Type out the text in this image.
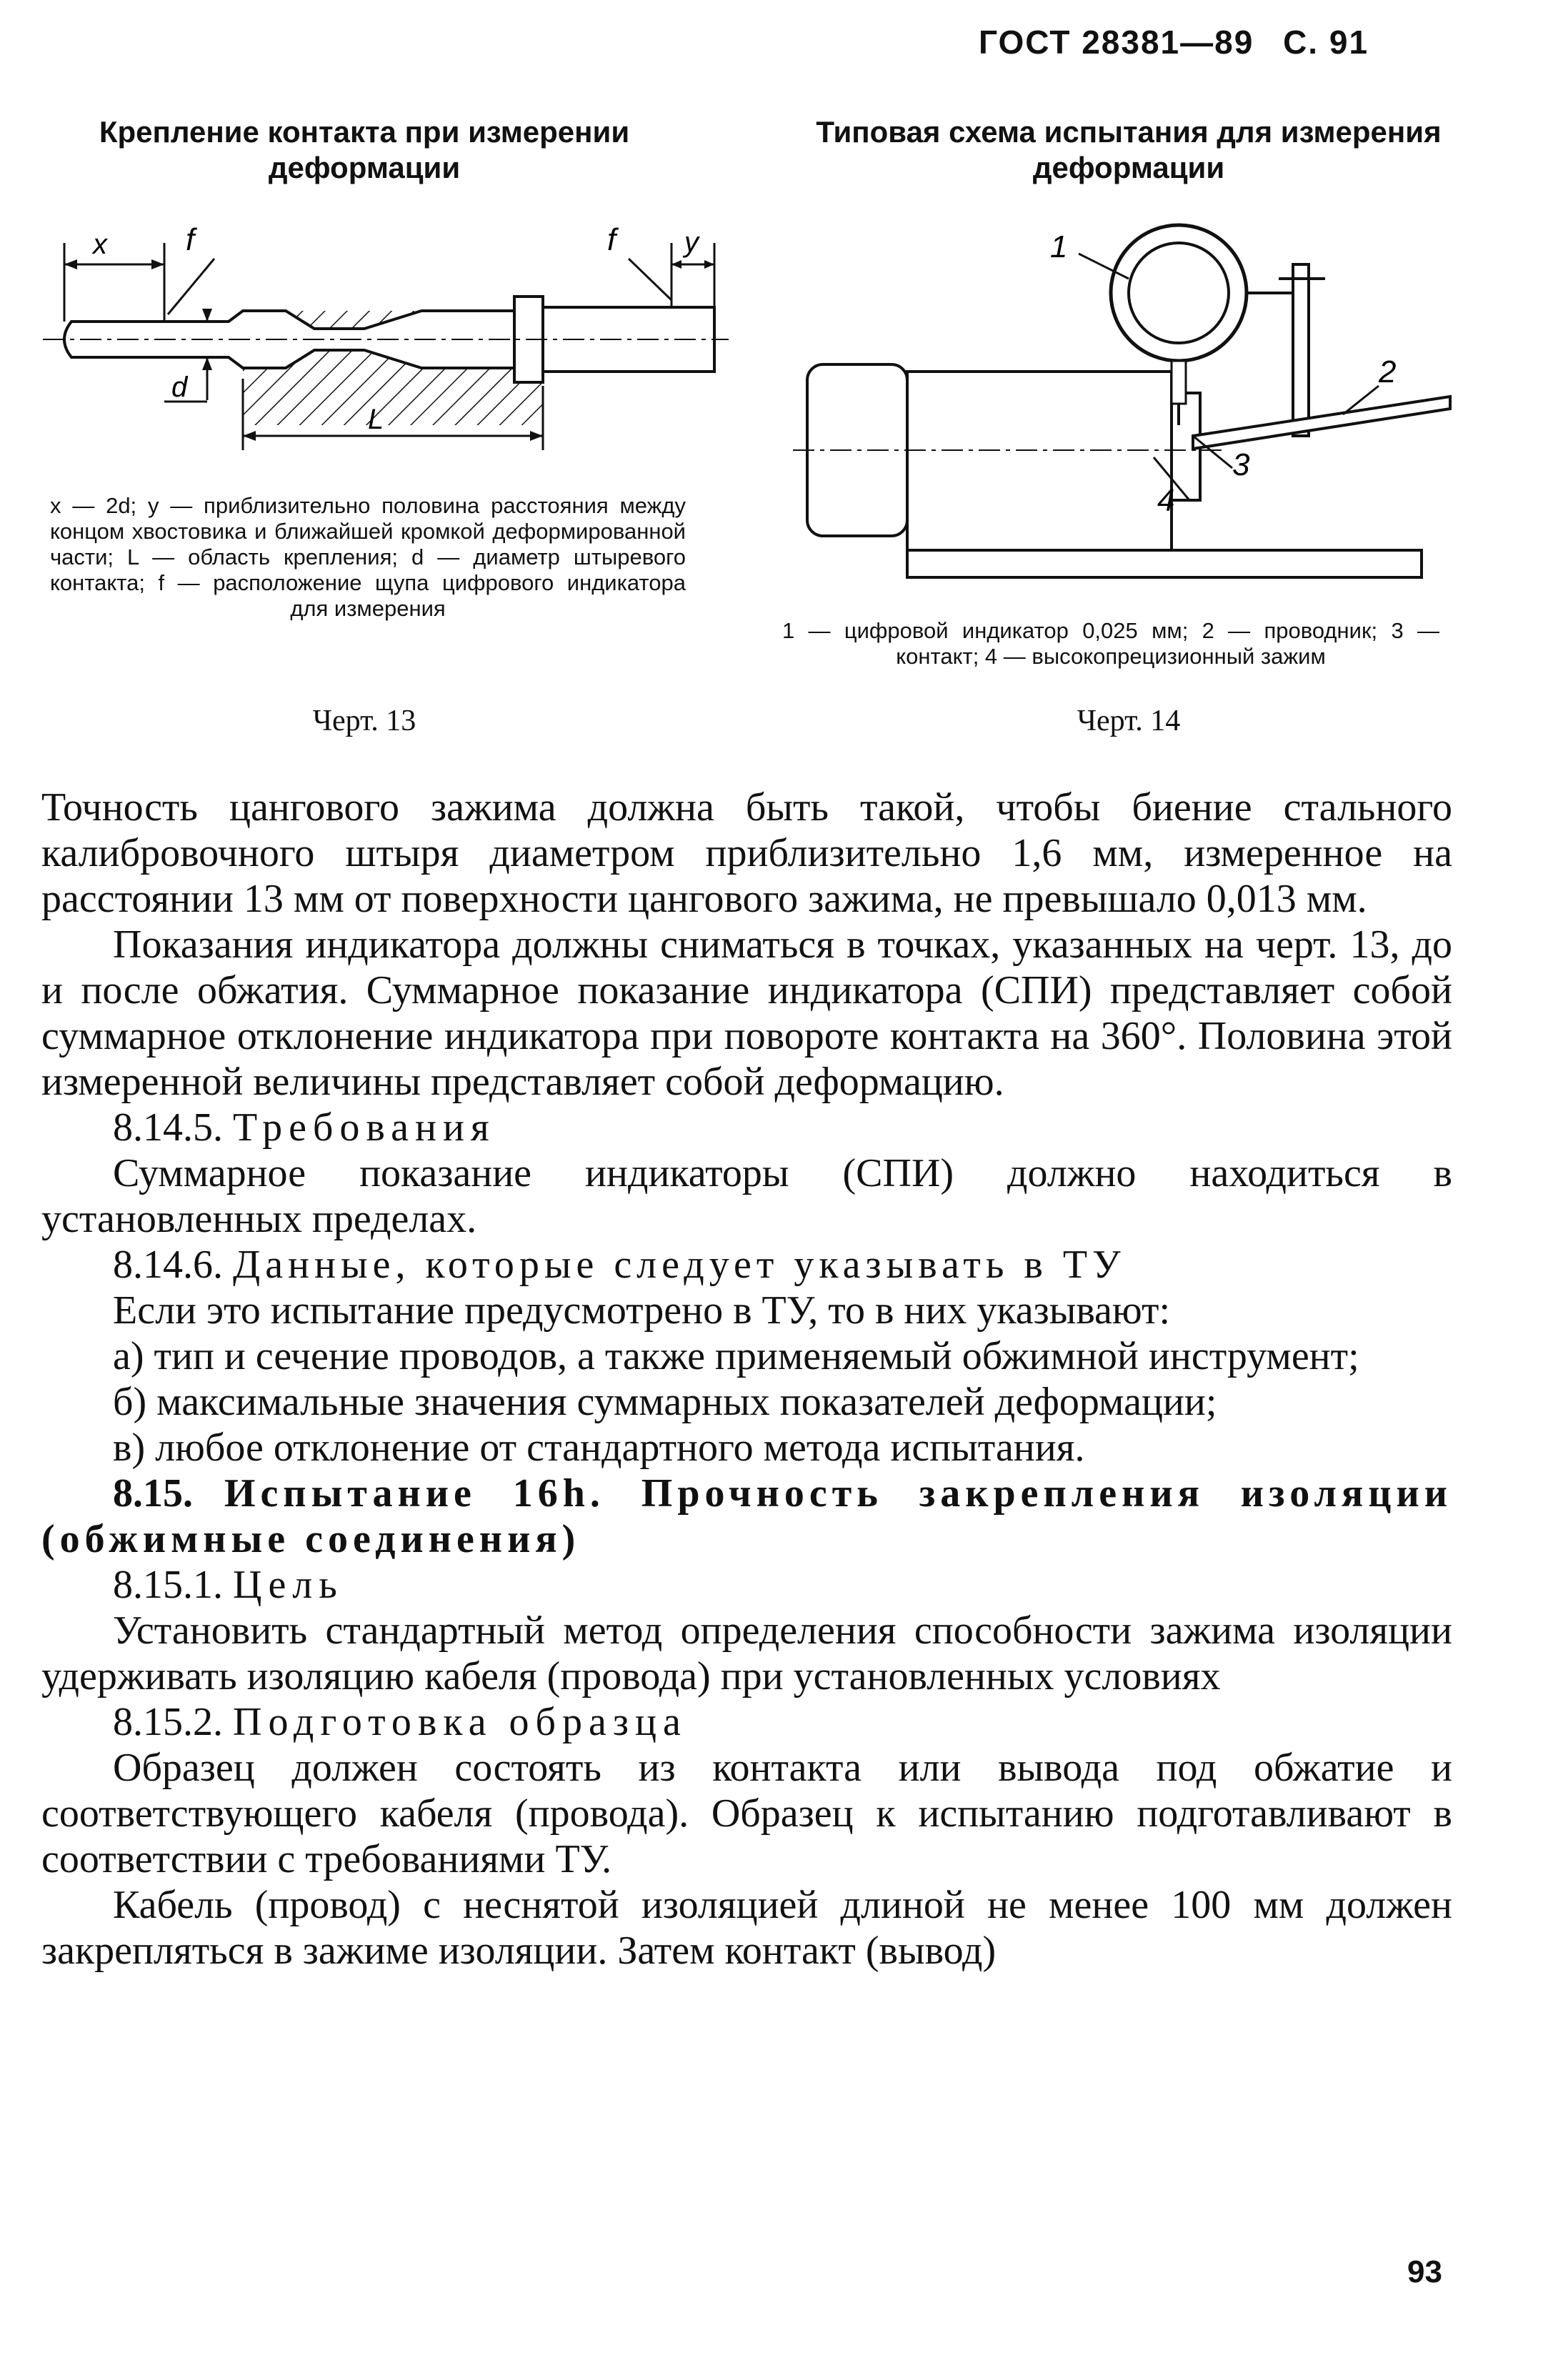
ГОСТ 28381—89 С. 91
Крепление контакта при измерении деформации
x	f
d
L
f y
x — 2d; y — приблизительно половина расстояния между концом хвостовика и ближайшей кромкой деформированной части; L — область крепления; d — диаметр штыревого контакта; f — расположение щупа цифрового индикатора для измерения
Черт. 13
Типовая схема испытания для измерения деформации
1
2
3
4
1 — цифровой индикатор 0,025 мм; 2 — проводник; 3 — контакт; 4 — высокопрецизионный зажим
Черт. 14

Точность цангового зажима должна быть такой, чтобы биение стального калибровочного штыря диаметром приблизительно 1,6 мм, измеренное на расстоянии 13 мм от поверхности цангового зажима, не превышало 0,013 мм.

Показания индикатора должны сниматься в точках, указанных на черт. 13, до и после обжатия. Суммарное показание индикатора (СПИ) представляет собой суммарное отклонение индикатора при повороте контакта на 360°. Половина этой измеренной величины представляет собой деформацию.

8.14.5. Требования

Суммарное показание индикаторы (СПИ) должно находиться в установленных пределах.

8.14.6. Данные, которые следует указывать в ТУ

Если это испытание предусмотрено в ТУ, то в них указывают:

а) тип и сечение проводов, а также применяемый обжимной инструмент;

б) максимальные значения суммарных показателей деформации;

в) любое отклонение от стандартного метода испытания.

8.15. Испытание 16h. Прочность закрепления изоляции (обжимные соединения)

8.15.1. Цель

Установить стандартный метод определения способности зажима изоляции удерживать изоляцию кабеля (провода) при установленных условиях

8.15.2. Подготовка образца

Образец должен состоять из контакта или вывода под обжатие и соответствующего кабеля (провода). Образец к испытанию подготавливают в соответствии с требованиями ТУ.

Кабель (провод) с неснятой изоляцией длиной не менее 100 мм должен закрепляться в зажиме изоляции. Затем контакт (вывод)

93
